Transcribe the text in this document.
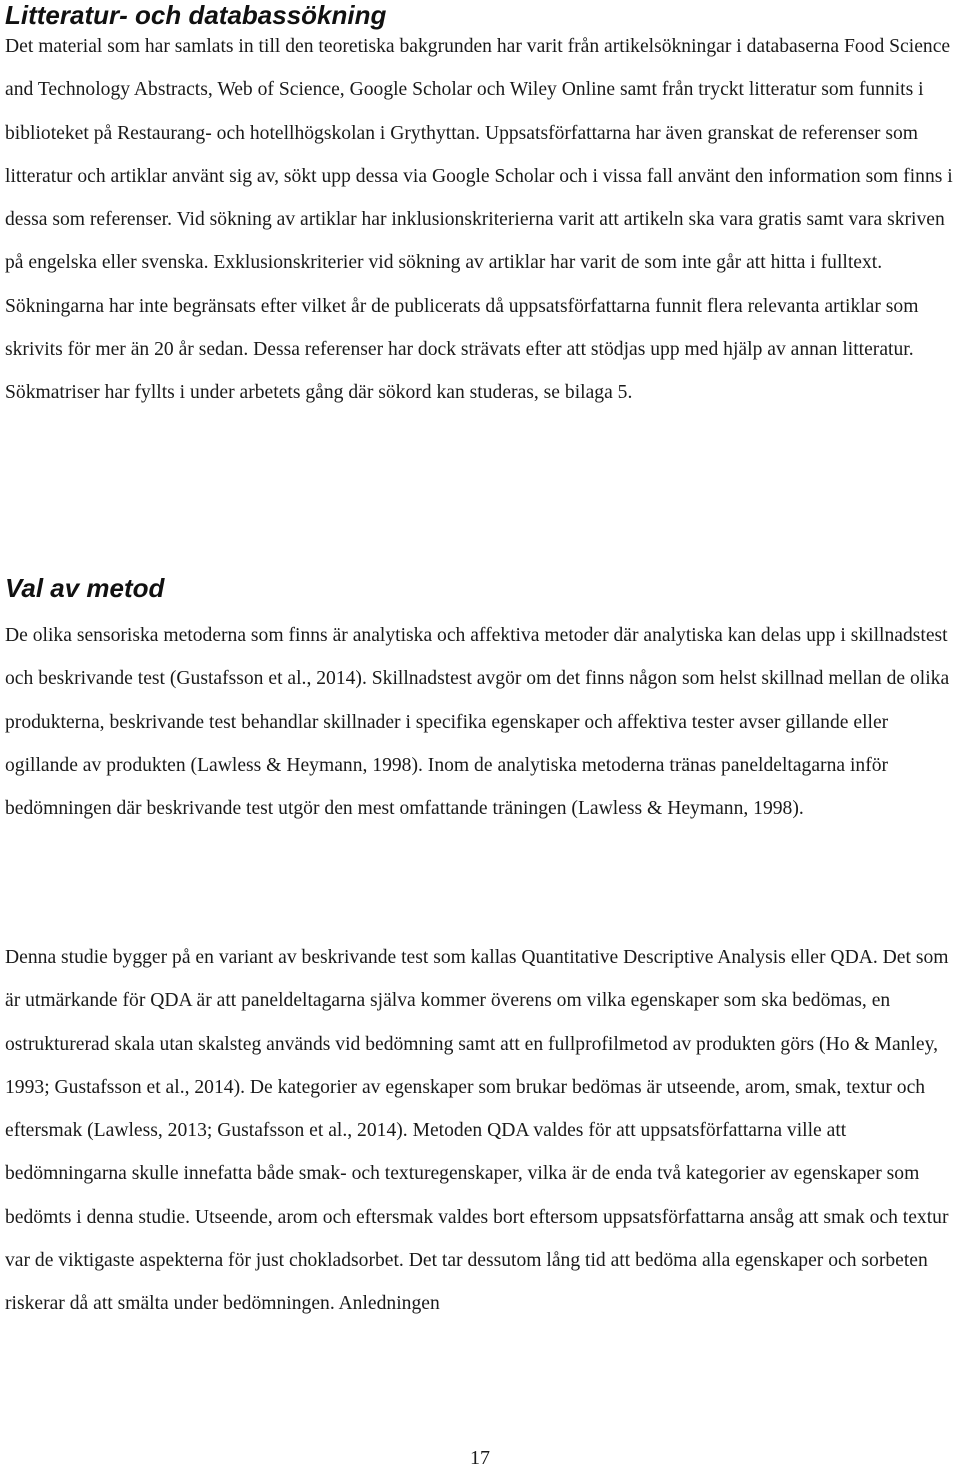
Litteratur- och databassökning

Det material som har samlats in till den teoretiska bakgrunden har varit från artikelsökningar i databaserna Food Science and Technology Abstracts, Web of Science, Google Scholar och Wiley Online samt från tryckt litteratur som funnits i biblioteket på Restaurang- och hotellhögskolan i Grythyttan. Uppsatsförfattarna har även granskat de referenser som litteratur och artiklar använt sig av, sökt upp dessa via Google Scholar och i vissa fall använt den information som finns i dessa som referenser. Vid sökning av artiklar har inklusionskriterierna varit att artikeln ska vara gratis samt vara skriven på engelska eller svenska. Exklusionskriterier vid sökning av artiklar har varit de som inte går att hitta i fulltext. Sökningarna har inte begränsats efter vilket år de publicerats då uppsatsförfattarna funnit flera relevanta artiklar som skrivits för mer än 20 år sedan. Dessa referenser har dock strävats efter att stödjas upp med hjälp av annan litteratur. Sökmatriser har fyllts i under arbetets gång där sökord kan studeras, se bilaga 5.

Val av metod

De olika sensoriska metoderna som finns är analytiska och affektiva metoder där analytiska kan delas upp i skillnadstest och beskrivande test (Gustafsson et al., 2014). Skillnadstest avgör om det finns någon som helst skillnad mellan de olika produkterna, beskrivande test behandlar skillnader i specifika egenskaper och affektiva tester avser gillande eller ogillande av produkten (Lawless & Heymann, 1998). Inom de analytiska metoderna tränas paneldeltagarna inför bedömningen där beskrivande test utgör den mest omfattande träningen (Lawless & Heymann, 1998).

Denna studie bygger på en variant av beskrivande test som kallas Quantitative Descriptive Analysis eller QDA. Det som är utmärkande för QDA är att paneldeltagarna själva kommer överens om vilka egenskaper som ska bedömas, en ostrukturerad skala utan skalsteg används vid bedömning samt att en fullprofilmetod av produkten görs (Ho & Manley, 1993; Gustafsson et al., 2014). De kategorier av egenskaper som brukar bedömas är utseende, arom, smak, textur och eftersmak (Lawless, 2013; Gustafsson et al., 2014). Metoden QDA valdes för att uppsatsförfattarna ville att bedömningarna skulle innefatta både smak- och texturegenskaper, vilka är de enda två kategorier av egenskaper som bedömts i denna studie. Utseende, arom och eftersmak valdes bort eftersom uppsatsförfattarna ansåg att smak och textur var de viktigaste aspekterna för just chokladsorbet. Det tar dessutom lång tid att bedöma alla egenskaper och sorbeten riskerar då att smälta under bedömningen. Anledningen

17
